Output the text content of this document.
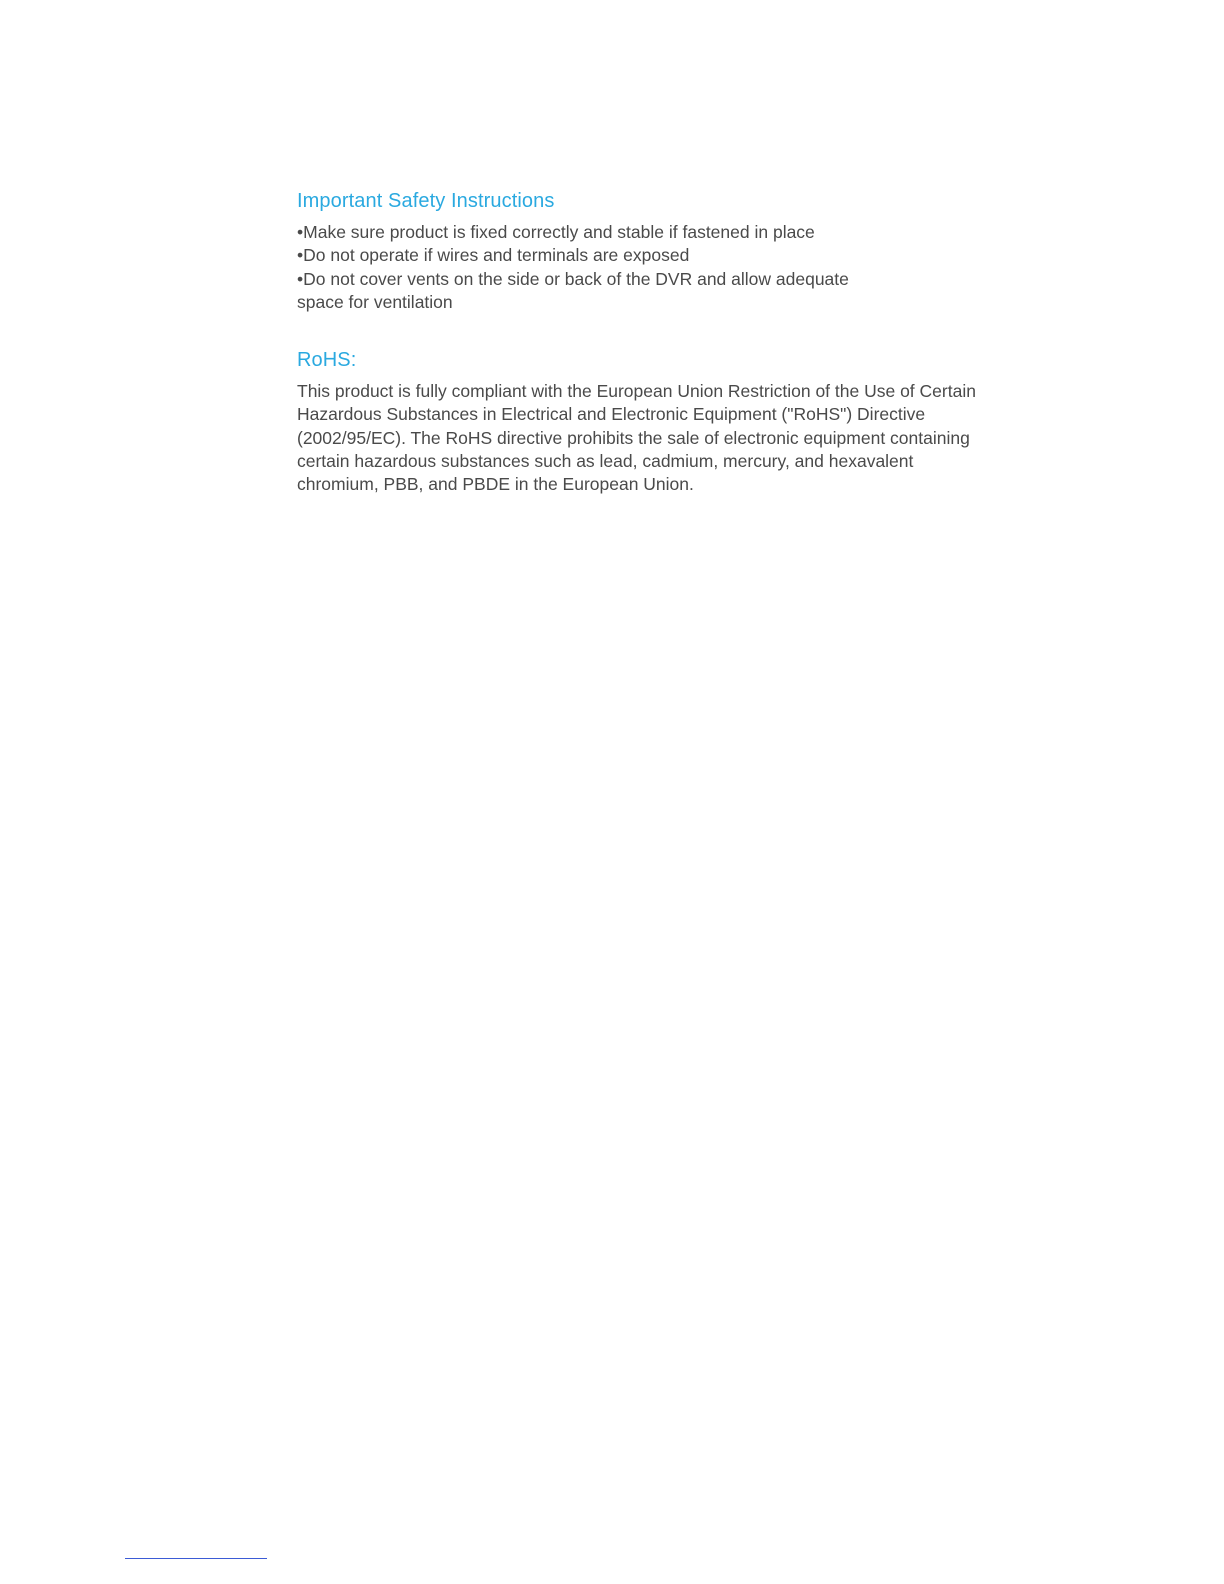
Important Safety Instructions
•Make sure product is fixed correctly and stable if fastened in place
•Do not operate if wires and terminals are exposed
•Do not cover vents on the side or back of the DVR and allow adequate space for ventilation
RoHS:

This product is fully compliant with the European Union Restriction of the Use of Certain Hazardous Substances in Electrical and Electronic Equipment ("RoHS") Directive (2002/95/EC). The RoHS directive prohibits the sale of electronic equipment containing certain hazardous substances such as lead, cadmium, mercury, and hexavalent chromium, PBB, and PBDE in the European Union.
